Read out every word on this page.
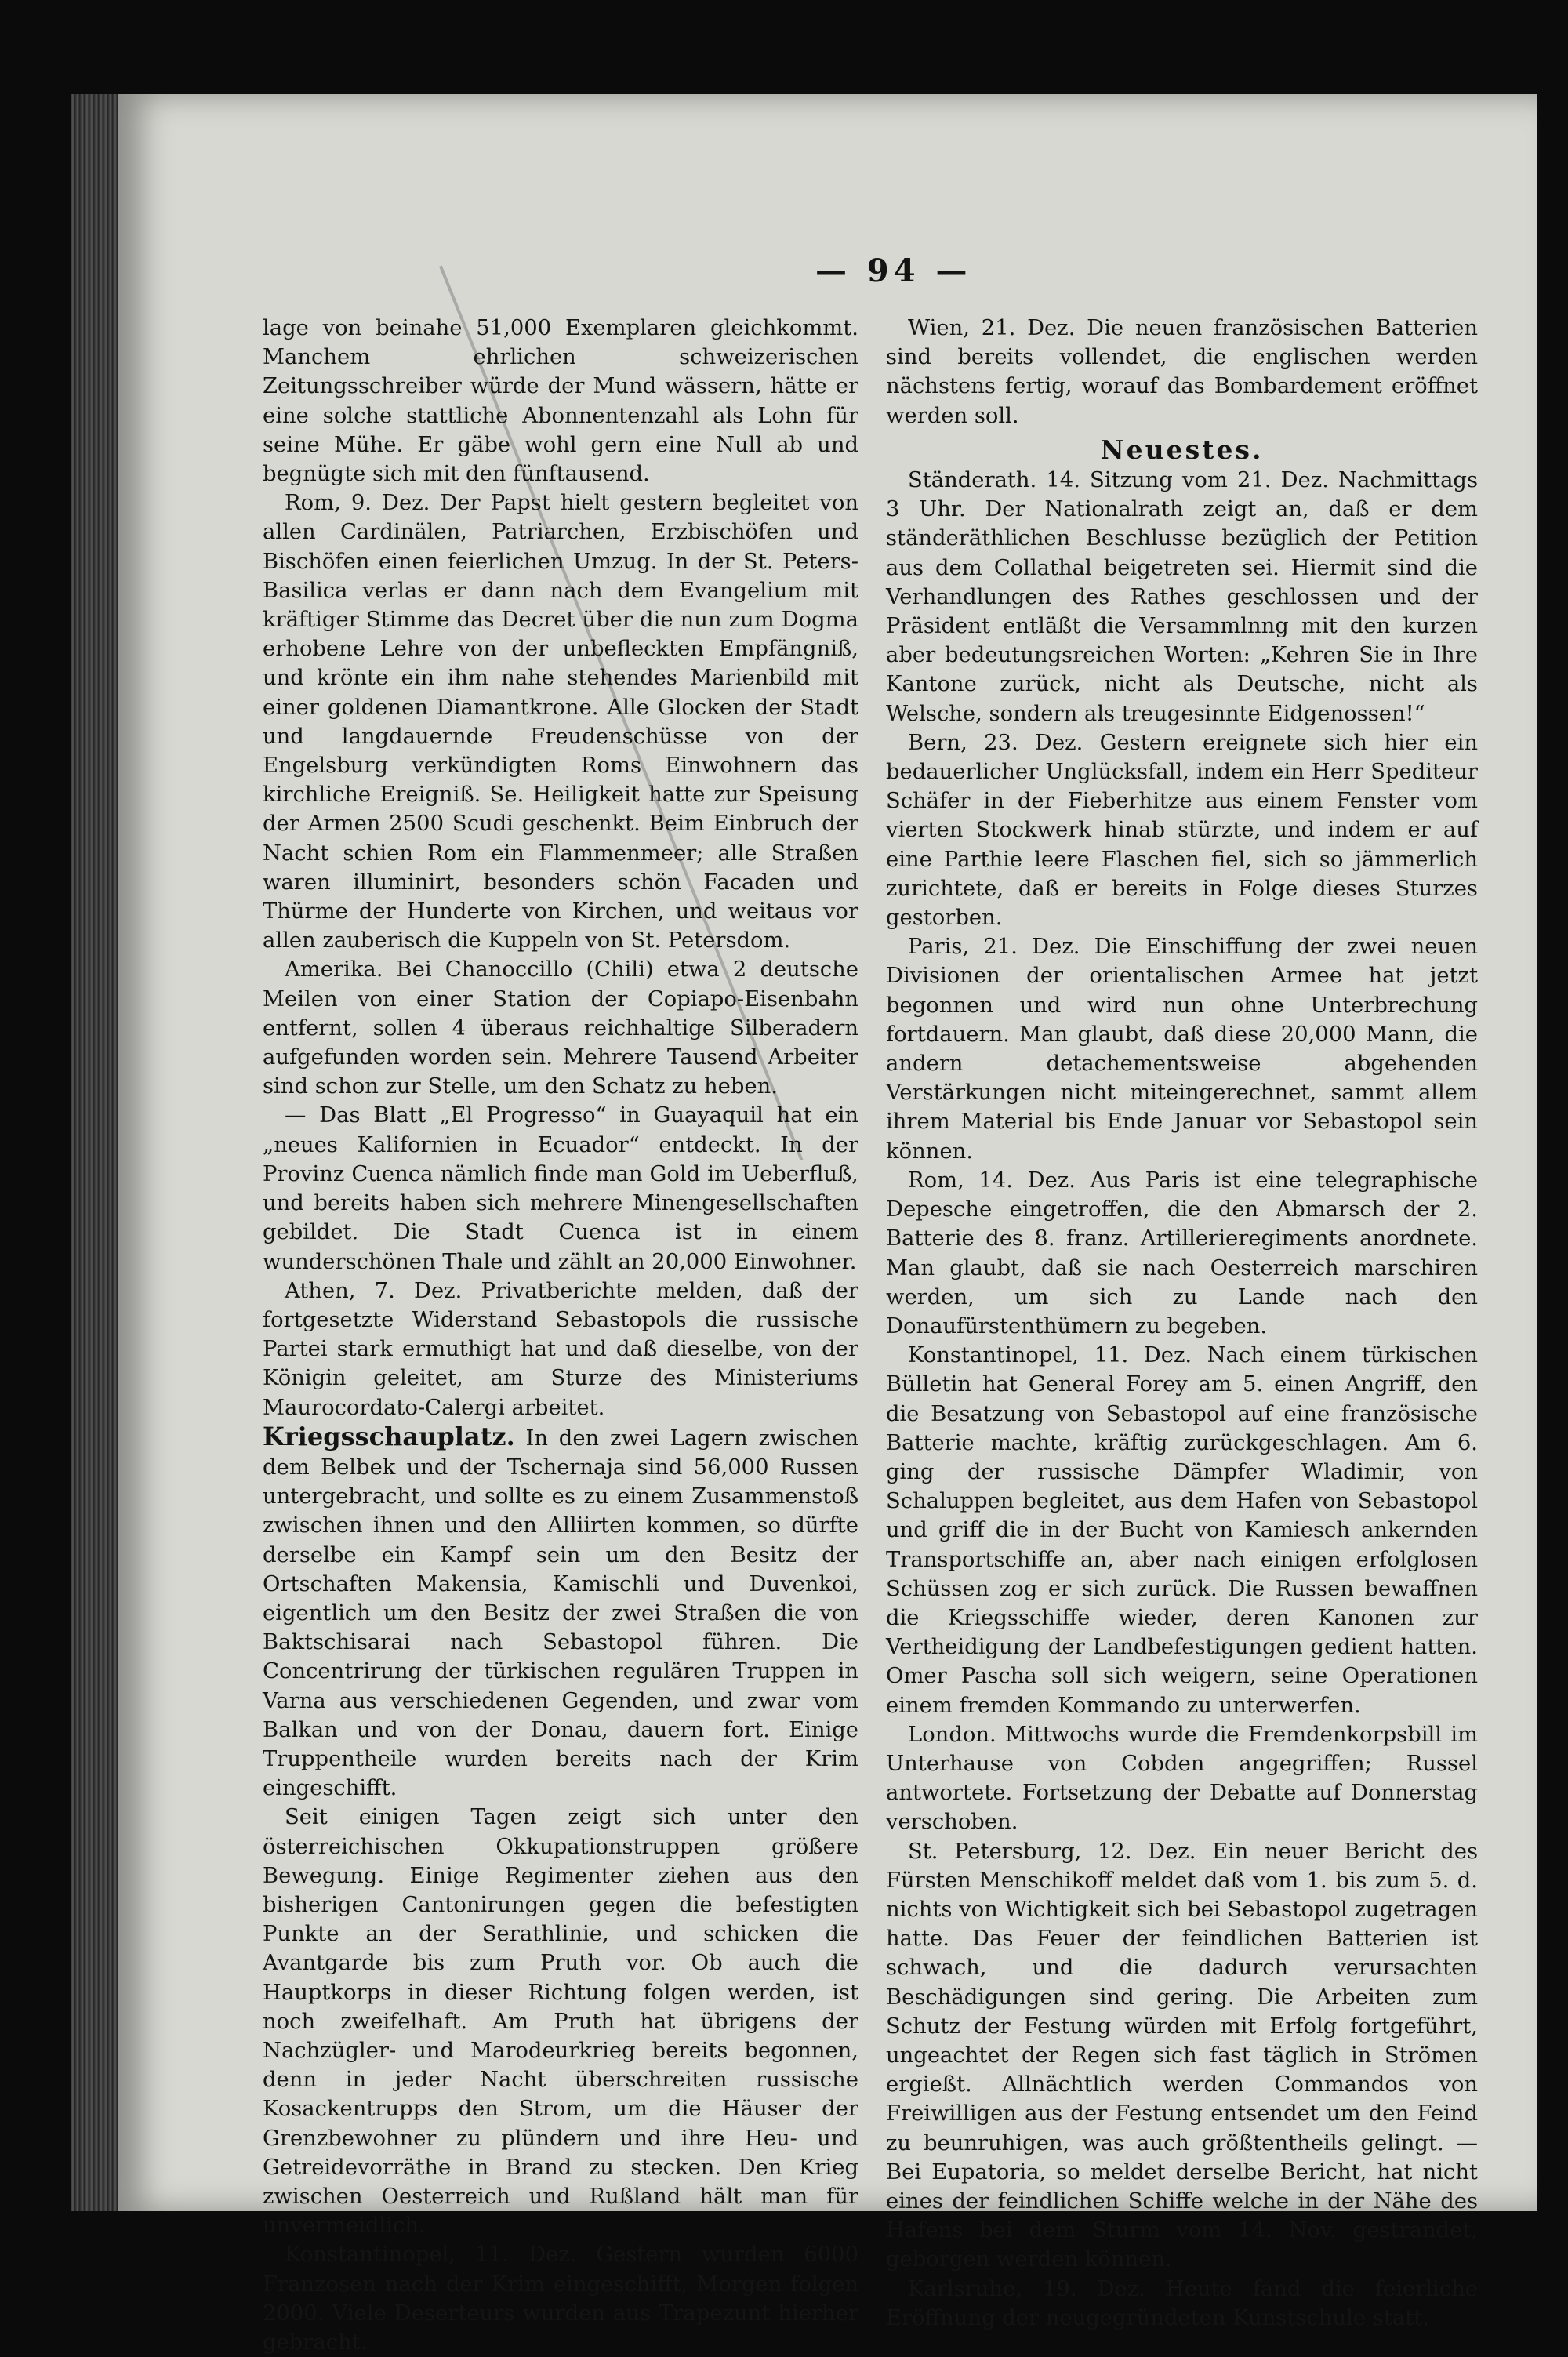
— 94 —

lage von beinahe 51,000 Exemplaren gleichkommt. Manchem ehrlichen schweizerischen Zeitungsschreiber würde der Mund wässern, hätte er eine solche stattliche Abonnentenzahl als Lohn für seine Mühe. Er gäbe wohl gern eine Null ab und begnügte sich mit den fünftausend.

Rom, 9. Dez. Der Papst hielt gestern begleitet von allen Cardinälen, Patriarchen, Erzbischöfen und Bischöfen einen feierlichen Umzug. In der St. Peters-Basilica verlas er dann nach dem Evangelium mit kräftiger Stimme das Decret über die nun zum Dogma erhobene Lehre von der unbefleckten Empfängniß, und krönte ein ihm nahe stehendes Marienbild mit einer goldenen Diamantkrone. Alle Glocken der Stadt und langdauernde Freudenschüsse von der Engelsburg verkündigten Roms Einwohnern das kirchliche Ereigniß. Se. Heiligkeit hatte zur Speisung der Armen 2500 Scudi geschenkt. Beim Einbruch der Nacht schien Rom ein Flammenmeer; alle Straßen waren illuminirt, besonders schön Facaden und Thürme der Hunderte von Kirchen, und weitaus vor allen zauberisch die Kuppeln von St. Petersdom.

Amerika. Bei Chanoccillo (Chili) etwa 2 deutsche Meilen von einer Station der Copiapo-Eisenbahn entfernt, sollen 4 überaus reichhaltige Silberadern aufgefunden worden sein. Mehrere Tausend Arbeiter sind schon zur Stelle, um den Schatz zu heben.

— Das Blatt „El Progresso“ in Guayaquil hat ein „neues Kalifornien in Ecuador“ entdeckt. In der Provinz Cuenca nämlich finde man Gold im Ueberfluß, und bereits haben sich mehrere Minengesellschaften gebildet. Die Stadt Cuenca ist in einem wunderschönen Thale und zählt an 20,000 Einwohner.

Athen, 7. Dez. Privatberichte melden, daß der fortgesetzte Widerstand Sebastopols die russische Partei stark ermuthigt hat und daß dieselbe, von der Königin geleitet, am Sturze des Ministeriums Maurocordato-Calergi arbeitet.

Kriegsschauplatz. In den zwei Lagern zwischen dem Belbek und der Tschernaja sind 56,000 Russen untergebracht, und sollte es zu einem Zusammenstoß zwischen ihnen und den Alliirten kommen, so dürfte derselbe ein Kampf sein um den Besitz der Ortschaften Makensia, Kamischli und Duvenkoi, eigentlich um den Besitz der zwei Straßen die von Baktschisarai nach Sebastopol führen. Die Concentrirung der türkischen regulären Truppen in Varna aus verschiedenen Gegenden, und zwar vom Balkan und von der Donau, dauern fort. Einige Truppentheile wurden bereits nach der Krim eingeschifft.

Seit einigen Tagen zeigt sich unter den österreichischen Okkupationstruppen größere Bewegung. Einige Regimenter ziehen aus den bisherigen Cantonirungen gegen die befestigten Punkte an der Serathlinie, und schicken die Avantgarde bis zum Pruth vor. Ob auch die Hauptkorps in dieser Richtung folgen werden, ist noch zweifelhaft. Am Pruth hat übrigens der Nachzügler- und Marodeurkrieg bereits begonnen, denn in jeder Nacht überschreiten russische Kosackentrupps den Strom, um die Häuser der Grenzbewohner zu plündern und ihre Heu- und Getreidevorräthe in Brand zu stecken. Den Krieg zwischen Oesterreich und Rußland hält man für unvermeidlich.

Konstantinopel, 11. Dez. Gestern wurden 6000 Franzosen nach der Krim eingeschifft, Morgen folgen 2000. Viele Deserteurs wurden aus Trapezunt hierher gebracht.

Wien, 21. Dez. Die neuen französischen Batterien sind bereits vollendet, die englischen werden nächstens fertig, worauf das Bombardement eröffnet werden soll.

Neuestes.

Ständerath. 14. Sitzung vom 21. Dez. Nachmittags 3 Uhr. Der Nationalrath zeigt an, daß er dem ständeräthlichen Beschlusse bezüglich der Petition aus dem Collathal beigetreten sei. Hiermit sind die Verhandlungen des Rathes geschlossen und der Präsident entläßt die Versammlnng mit den kurzen aber bedeutungsreichen Worten: „Kehren Sie in Ihre Kantone zurück, nicht als Deutsche, nicht als Welsche, sondern als treugesinnte Eidgenossen!“

Bern, 23. Dez. Gestern ereignete sich hier ein bedauerlicher Unglücksfall, indem ein Herr Spediteur Schäfer in der Fieberhitze aus einem Fenster vom vierten Stockwerk hinab stürzte, und indem er auf eine Parthie leere Flaschen fiel, sich so jämmerlich zurichtete, daß er bereits in Folge dieses Sturzes gestorben.

Paris, 21. Dez. Die Einschiffung der zwei neuen Divisionen der orientalischen Armee hat jetzt begonnen und wird nun ohne Unterbrechung fortdauern. Man glaubt, daß diese 20,000 Mann, die andern detachementsweise abgehenden Verstärkungen nicht miteingerechnet, sammt allem ihrem Material bis Ende Januar vor Sebastopol sein können.

Rom, 14. Dez. Aus Paris ist eine telegraphische Depesche eingetroffen, die den Abmarsch der 2. Batterie des 8. franz. Artillerieregiments anordnete. Man glaubt, daß sie nach Oesterreich marschiren werden, um sich zu Lande nach den Donaufürstenthümern zu begeben.

Konstantinopel, 11. Dez. Nach einem türkischen Bülletin hat General Forey am 5. einen Angriff, den die Besatzung von Sebastopol auf eine französische Batterie machte, kräftig zurückgeschlagen. Am 6. ging der russische Dämpfer Wladimir, von Schaluppen begleitet, aus dem Hafen von Sebastopol und griff die in der Bucht von Kamiesch ankernden Transportschiffe an, aber nach einigen erfolglosen Schüssen zog er sich zurück. Die Russen bewaffnen die Kriegsschiffe wieder, deren Kanonen zur Vertheidigung der Landbefestigungen gedient hatten. Omer Pascha soll sich weigern, seine Operationen einem fremden Kommando zu unterwerfen.

London. Mittwochs wurde die Fremdenkorpsbill im Unterhause von Cobden angegriffen; Russel antwortete. Fortsetzung der Debatte auf Donnerstag verschoben.

St. Petersburg, 12. Dez. Ein neuer Bericht des Fürsten Menschikoff meldet daß vom 1. bis zum 5. d. nichts von Wichtigkeit sich bei Sebastopol zugetragen hatte. Das Feuer der feindlichen Batterien ist schwach, und die dadurch verursachten Beschädigungen sind gering. Die Arbeiten zum Schutz der Festung würden mit Erfolg fortgeführt, ungeachtet der Regen sich fast täglich in Strömen ergießt. Allnächtlich werden Commandos von Freiwilligen aus der Festung entsendet um den Feind zu beunruhigen, was auch größtentheils gelingt. — Bei Eupatoria, so meldet derselbe Bericht, hat nicht eines der feindlichen Schiffe welche in der Nähe des Hafens bei dem Sturm vom 14. Nov. gestrandet, geborgen werden können.

Karlsruhe, 19. Dez. Heute fand die feierliche Eröffnung der neugegründeten Kunstschule statt.
